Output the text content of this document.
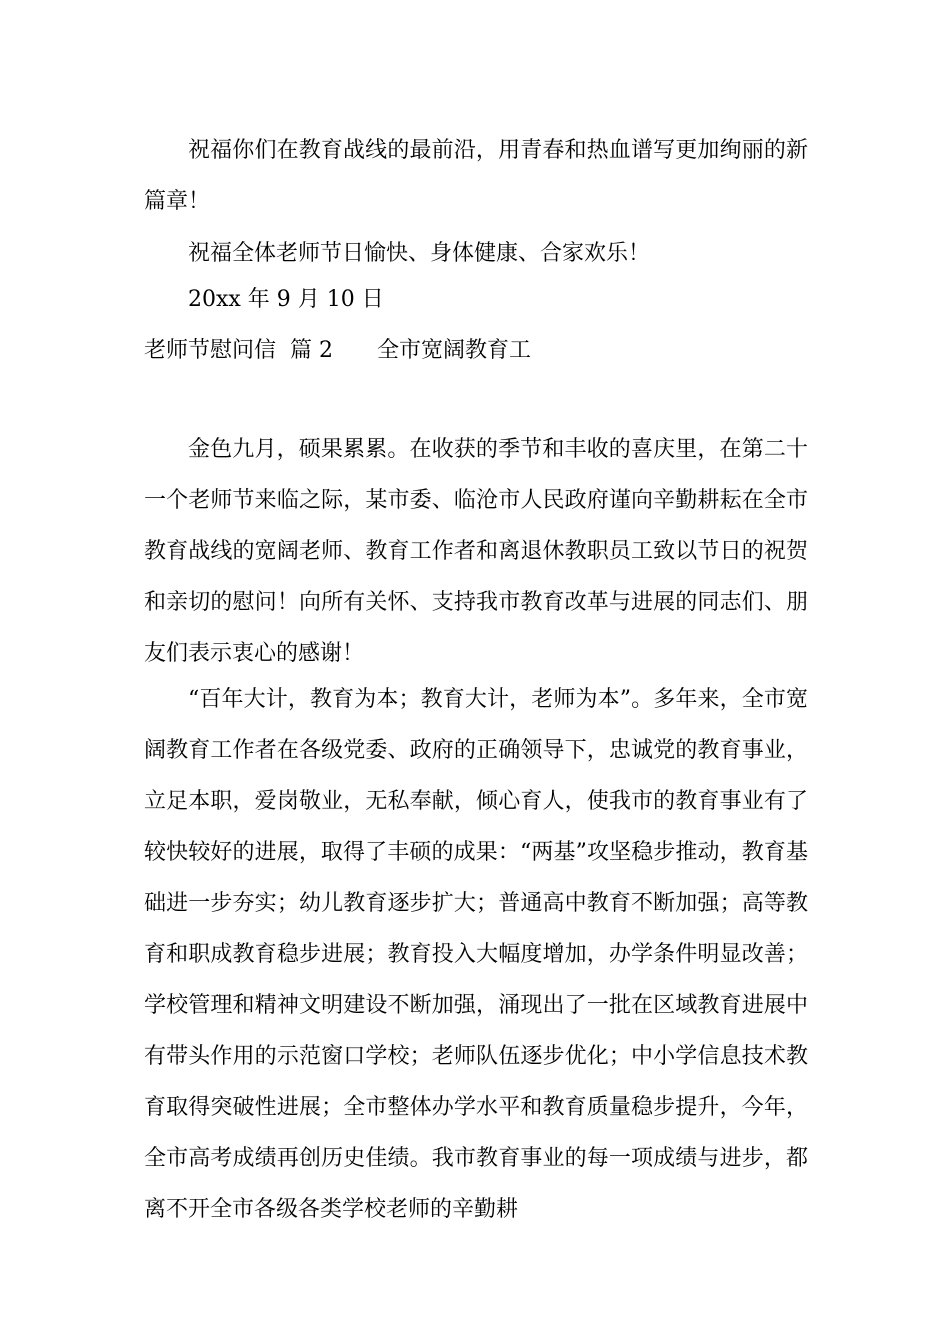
祝福你们在教育战线的最前沿，用青春和热血谱写更加绚丽的新篇章！

祝福全体老师节日愉快、身体健康、合家欢乐！

20xx 年 9 月 10 日

老师节慰问信  篇 2 全市宽阔教育工

金色九月，硕果累累。在收获的季节和丰收的喜庆里，在第二十一个老师节来临之际，某市委、临沧市人民政府谨向辛勤耕耘在全市教育战线的宽阔老师、教育工作者和离退休教职员工致以节日的祝贺和亲切的慰问！向所有关怀、支持我市教育改革与进展的同志们、朋友们表示衷心的感谢！

“百年大计，教育为本；教育大计，老师为本”。多年来，全市宽阔教育工作者在各级党委、政府的正确领导下，忠诚党的教育事业，立足本职，爱岗敬业，无私奉献，倾心育人，使我市的教育事业有了较快较好的进展，取得了丰硕的成果：“两基”攻坚稳步推动，教育基础进一步夯实；幼儿教育逐步扩大；普通高中教育不断加强；高等教育和职成教育稳步进展；教育投入大幅度增加，办学条件明显改善；学校管理和精神文明建设不断加强，涌现出了一批在区域教育进展中有带头作用的示范窗口学校；老师队伍逐步优化；中小学信息技术教育取得突破性进展；全市整体办学水平和教育质量稳步提升，今年，全市高考成绩再创历史佳绩。我市教育事业的每一项成绩与进步，都离不开全市各级各类学校老师的辛勤耕
